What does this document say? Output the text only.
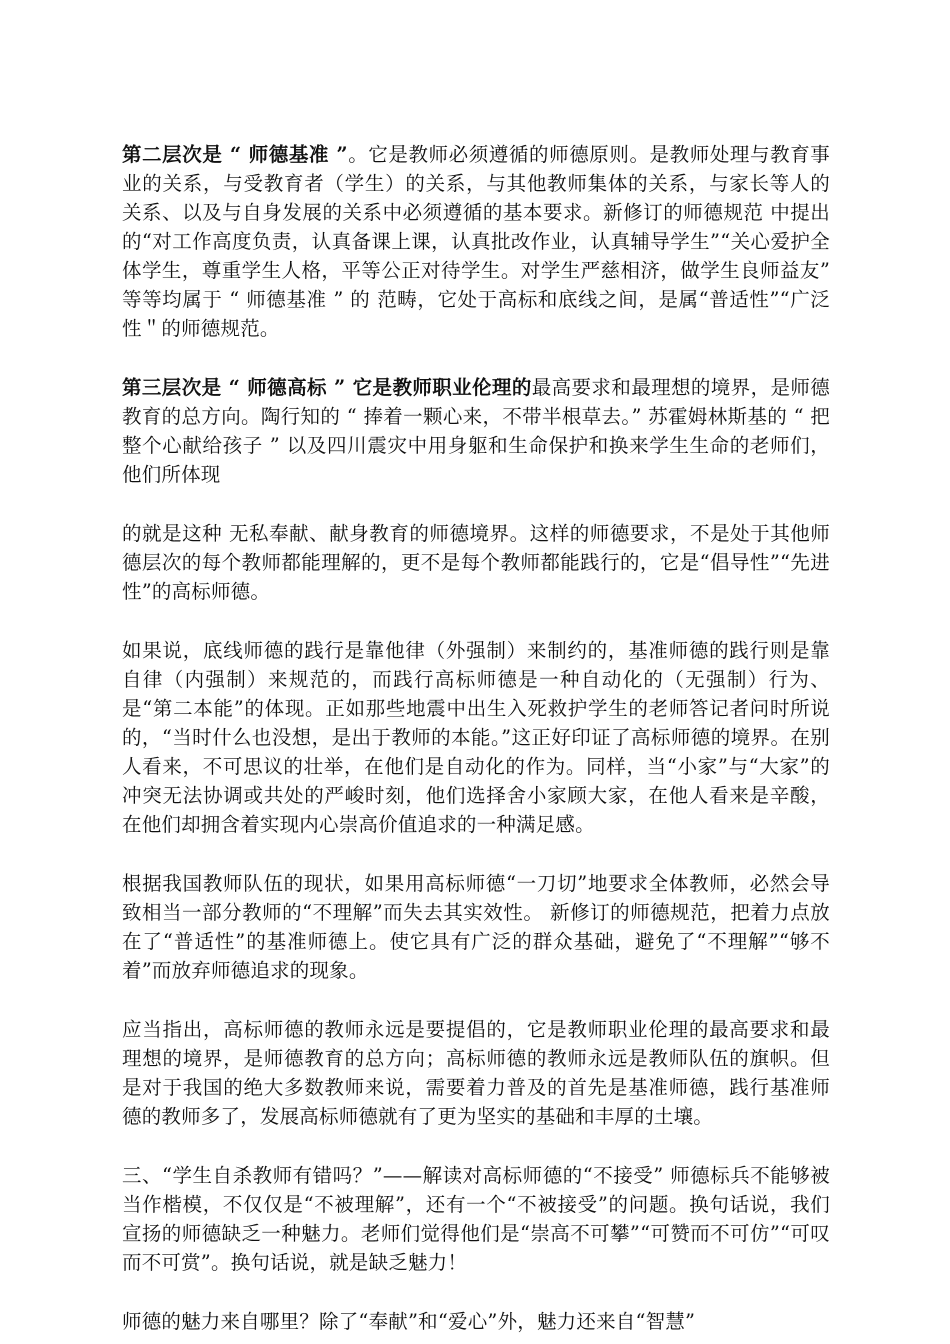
第二层次是 “ 师德基准 ”。它是教师必须遵循的师德原则。是教师处理与教育事业的关系，与受教育者（学生）的关系，与其他教师集体的关系，与家长等人的关系、以及与自身发展的关系中必须遵循的基本要求。新修订的师德规范 中提出的“对工作高度负责，认真备课上课，认真批改作业，认真辅导学生”“关心爱护全体学生，尊重学生人格，平等公正对待学生。对学生严慈相济，做学生良师益友” 等等均属于 “ 师德基准 ” 的 范畴，它处于高标和底线之间，是属“普适性”“广泛性＂的师德规范。

第三层次是 “ 师德高标 ” 它是教师职业伦理的最高要求和最理想的境界，是师德教育的总方向。陶行知的 “ 捧着一颗心来，不带半根草去。” 苏霍姆林斯基的 “ 把整个心献给孩子 ” 以及四川震灾中用身躯和生命保护和换来学生生命的老师们，他们所体现

的就是这种 无私奉献、献身教育的师德境界。这样的师德要求，不是处于其他师德层次的每个教师都能理解的，更不是每个教师都能践行的，它是“倡导性”“先进性”的高标师德。

如果说，底线师德的践行是靠他律（外强制）来制约的，基准师德的践行则是靠自律（内强制）来规范的，而践行高标师德是一种自动化的（无强制）行为、是“第二本能”的体现。正如那些地震中出生入死救护学生的老师答记者问时所说的，“当时什么也没想，是出于教师的本能。”这正好印证了高标师德的境界。在别人看来，不可思议的壮举，在他们是自动化的作为。同样，当“小家”与“大家”的冲突无法协调或共处的严峻时刻，他们选择舍小家顾大家，在他人看来是辛酸，在他们却拥含着实现内心崇高价值追求的一种满足感。

根据我国教师队伍的现状，如果用高标师德“一刀切”地要求全体教师，必然会导致相当一部分教师的“不理解”而失去其实效性。 新修订的师德规范，把着力点放在了“普适性”的基准师德上。使它具有广泛的群众基础，避免了“不理解”“够不着”而放弃师德追求的现象。

应当指出，高标师德的教师永远是要提倡的，它是教师职业伦理的最高要求和最理想的境界，是师德教育的总方向；高标师德的教师永远是教师队伍的旗帜。但是对于我国的绝大多数教师来说，需要着力普及的首先是基准师德，践行基准师德的教师多了，发展高标师德就有了更为坚实的基础和丰厚的土壤。

三、“学生自杀教师有错吗？”——解读对高标师德的“不接受” 师德标兵不能够被当作楷模，不仅仅是“不被理解”，还有一个“不被接受”的问题。换句话说，我们宣扬的师德缺乏一种魅力。老师们觉得他们是“崇高不可攀”“可赞而不可仿”“可叹而不可赏”。换句话说，就是缺乏魅力！

师德的魅力来自哪里？除了“奉献”和“爱心”外，魅力还来自“智慧”
